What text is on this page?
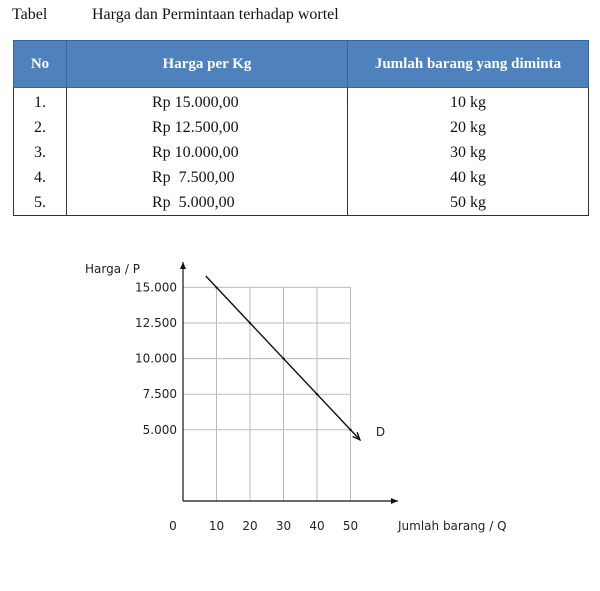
Tabel	Harga dan Permintaan terhadap wortel
No	Harga per Kg	Jumlah barang yang diminta
1.	Rp 15.000,00	10 kg
2.	Rp 12.500,00	20 kg
3.	Rp 10.000,00	30 kg
4.	Rp  7.500,00	40 kg
5.	Rp  5.000,00	50 kg
5.000
7.500
10.000
12.500
15.000
0	10 20 30 40 50
Harga / P
Jumlah barang / Q
D
